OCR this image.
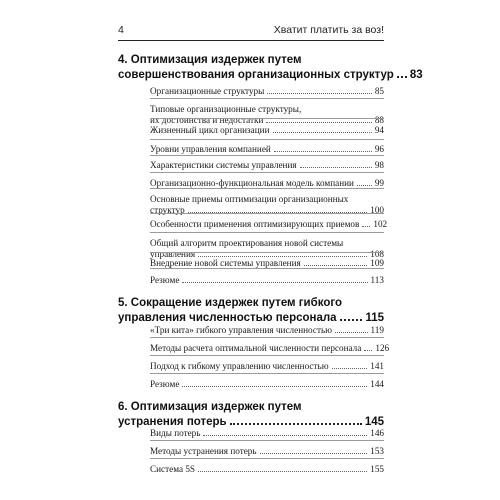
4	Хватит платить за воз!
4. Оптимизация издержек путем
совершенствования организационных структур 83
Организационные структуры	85
Типовые организационные структуры,
их достоинства и недостатки	88
Жизненный цикл организации	94
Уровни управления компанией	96
Характеристики системы управления	98
Организационно-функциональная модель компании 99
Основные приемы оптимизации организационных
структур	100
Особенности применения оптимизирующих приемов 102
Общий алгоритм проектирования новой системы
управления	108
Внедрение новой системы управления	109
Резюме	113
5. Сокращение издержек путем гибкого
управления численностью персонала	115
«Три кита» гибкого управления численностью	119
Методы расчета оптимальной численности персонала 126
Подход к гибкому управлению численностью	141
Резюме	144
6. Оптимизация издержек путем
устранения потерь	145
Виды потерь	146
Методы устранения потерь	153
Система 5S	155
